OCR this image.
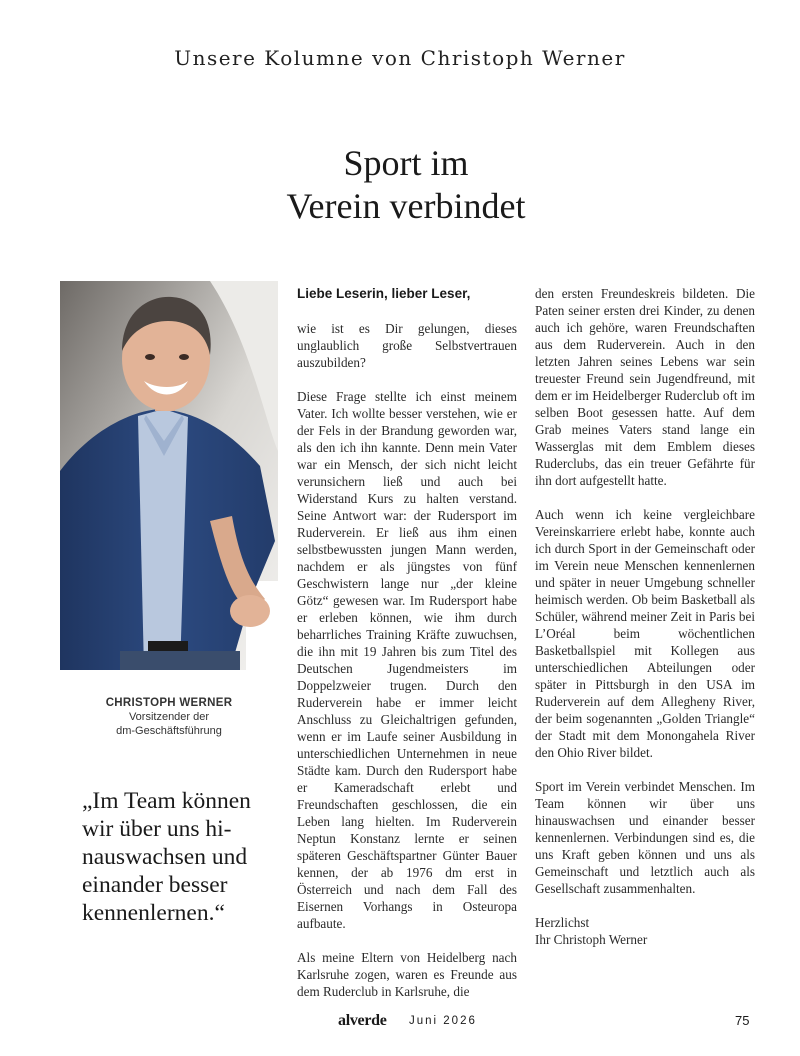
Unsere Kolumne von Christoph Werner
Sport im
Verein verbindet
CHRISTOPH WERNER
Vorsitzender der
dm-Geschäftsführung
„Im Team können wir über uns hinauswachsen und einander besser kennenlernen.“

Liebe Leserin, lieber Leser,

wie ist es Dir gelungen, dieses unglaublich große Selbstvertrauen auszubilden?

Diese Frage stellte ich einst meinem Vater. Ich wollte besser verstehen, wie er der Fels in der Brandung geworden war, als den ich ihn kannte. Denn mein Vater war ein Mensch, der sich nicht leicht verunsichern ließ und auch bei Widerstand Kurs zu halten verstand. Seine Antwort war: der Rudersport im Ruderverein. Er ließ aus ihm einen selbstbewussten jungen Mann werden, nachdem er als jüngstes von fünf Geschwistern lange nur „der kleine Götz“ gewesen war. Im Rudersport habe er erleben können, wie ihm durch beharrliches Training Kräfte zuwuchsen, die ihn mit 19 Jahren bis zum Titel des Deutschen Jugendmeisters im Doppelzweier trugen. Durch den Ruderverein habe er immer leicht Anschluss zu Gleichaltrigen gefunden, wenn er im Laufe seiner Ausbildung in unterschiedlichen Unternehmen in neue Städte kam. Durch den Rudersport habe er Kameradschaft erlebt und Freundschaften geschlossen, die ein Leben lang hielten. Im Ruderverein Neptun Konstanz lernte er seinen späteren Geschäftspartner Günter Bauer kennen, der ab 1976 dm erst in Österreich und nach dem Fall des Eisernen Vorhangs in Osteuropa aufbaute.

Als meine Eltern von Heidelberg nach Karlsruhe zogen, waren es Freunde aus dem Ruderclub in Karlsruhe, die

den ersten Freundeskreis bildeten. Die Paten seiner ersten drei Kinder, zu denen auch ich gehöre, waren Freundschaften aus dem Ruderverein. Auch in den letzten Jahren seines Lebens war sein treuester Freund sein Jugendfreund, mit dem er im Heidelberger Ruderclub oft im selben Boot gesessen hatte. Auf dem Grab meines Vaters stand lange ein Wasserglas mit dem Emblem dieses Ruderclubs, das ein treuer Gefährte für ihn dort aufgestellt hatte.

Auch wenn ich keine vergleichbare Vereinskarriere erlebt habe, konnte auch ich durch Sport in der Gemeinschaft oder im Verein neue Menschen kennenlernen und später in neuer Umgebung schneller heimisch werden. Ob beim Basketball als Schüler, während meiner Zeit in Paris bei L’Oréal beim wöchentlichen Basketballspiel mit Kollegen aus unterschiedlichen Abteilungen oder später in Pittsburgh in den USA im Ruderverein auf dem Allegheny River, der beim sogenannten „Golden Triangle“ der Stadt mit dem Monongahela River den Ohio River bildet.

Sport im Verein verbindet Menschen. Im Team können wir über uns hinauswachsen und einander besser kennenlernen. Verbindungen sind es, die uns Kraft geben können und uns als Gemeinschaft und letztlich auch als Gesellschaft zusammenhalten.

Herzlichst
Ihr Christoph Werner

alverde Juni 2026	75
